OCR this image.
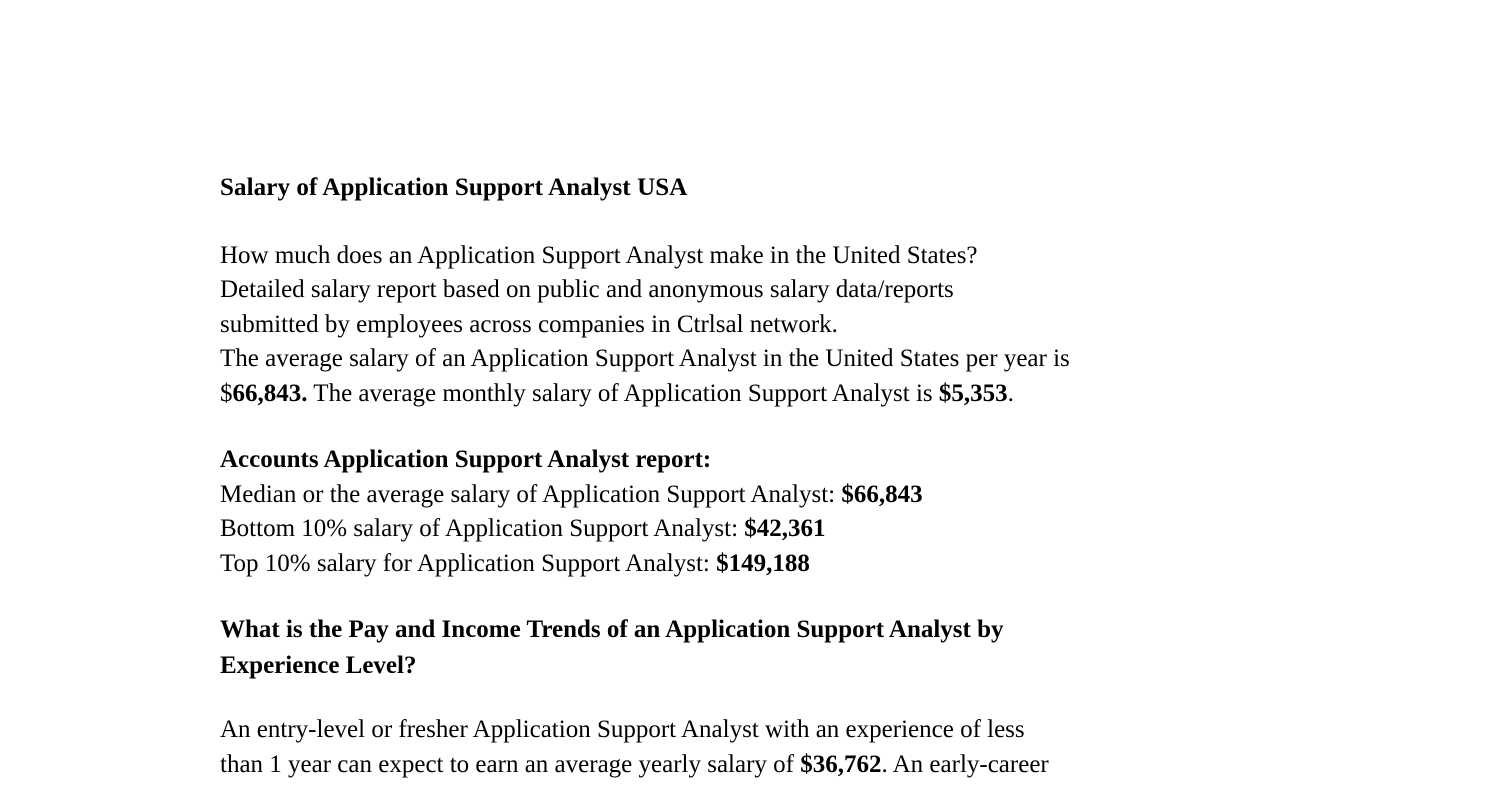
Salary of Application Support Analyst USA
How much does an Application Support Analyst make in the United States?
Detailed salary report based on public and anonymous salary data/reports
submitted by employees across companies in Ctrlsal network.
The average salary of an Application Support Analyst in the United States per year is
$66,843. The average monthly salary of Application Support Analyst is $5,353.
Accounts Application Support Analyst report:
Median or the average salary of Application Support Analyst: $66,843
Bottom 10% salary of Application Support Analyst: $42,361
Top 10% salary for Application Support Analyst: $149,188
What is the Pay and Income Trends of an Application Support Analyst by
Experience Level?
An entry-level or fresher Application Support Analyst with an experience of less
than 1 year can expect to earn an average yearly salary of $36,762. An early-career
